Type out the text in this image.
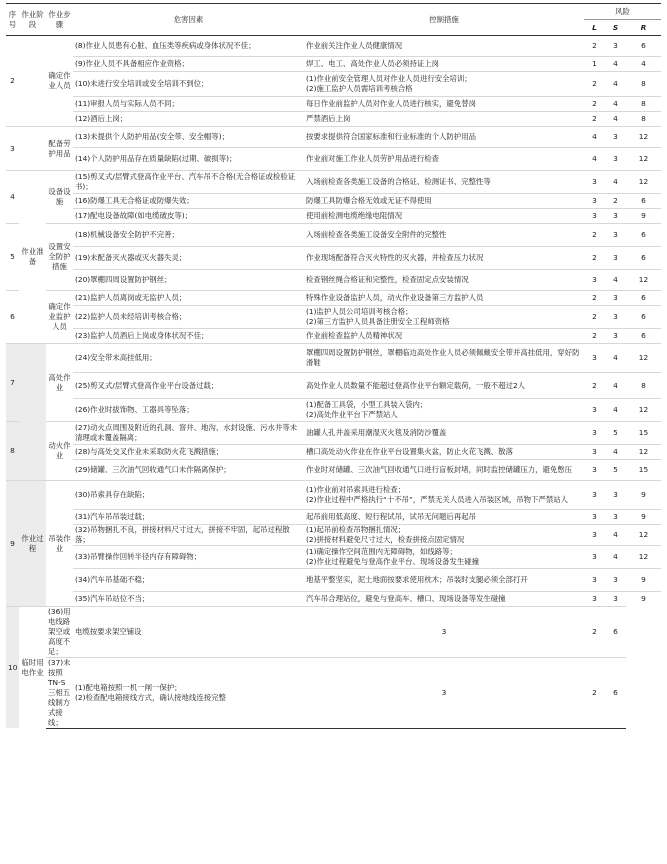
序号	作业阶段	作业步骤	危害因素	控制措施	风险		
					L	S	R
2		确定作业人员	(8)作业人员患有心脏、血压类等疾病或身体状况不佳；	作业前关注作业人员健康情况	2	3	6
			(9)作业人员不具备相应作业资格；	焊工、电工、高处作业人员必须持证上岗	1	4	4
			(10)未进行安全培训或安全培训不到位；	(1)作业前安全管理人员对作业人员进行安全培训；
(2)施工监护人员需培训考核合格	2	4	8
			(11)审报人员与实际人员不同；	每日作业前监护人员对作业人员进行核实，避免替岗	2	4	8
			(12)酒后上岗；	严禁酒后上岗	2	4	8
3		配备劳护用品	(13)未提供个人防护用品(安全带、安全帽等)；	按要求提供符合国家标准和行业标准的个人防护用品	4	3	12
			(14)个人防护用品存在质量缺陷(过期、破损等)；	作业前对施工作业人员劳护用品进行检查	4	3	12
4	作业准备	设备设施	(15)剪叉式/层臂式登高作业平台、汽车吊不合格(无合格证或检验证书)；	入场前检查各类施工设备的合格证、检测证书、完整性等	3	4	12
			(16)防爆工具无合格证或防爆失效；	防爆工具防爆合格无效或无证不得使用	3	2	6
			(17)配电设备故障(如电缆破皮等)；	使用前检测电缆绝缘电阻情况	3	3	9
5		设置安全防护措施	(18)机械设备安全防护不完善；	入场前检查各类施工设备安全附件的完整性	2	3	6
			(19)未配备灭火器或灭火器失灵；	作业现场配备符合灭火特性的灭火器，并检查压力状况	2	3	6
			(20)罩棚四周设置防护钢丝；	检查钢丝绳合格证和完整性，检查固定点安装情况	3	4	12
6		确定作业监护人员	(21)监护人员离岗或无监护人员；	特殊作业设备监护人员，动火作业设备第三方监护人员	2	3	6
			(22)监护人员未经培训考核合格；	(1)监护人员公司培训考核合格；
(2)第三方监护人员具备注册安全工程师资格	2	3	6
			(23)监护人员酒后上岗或身体状况不佳；	作业前检查监护人员精神状况	2	3	6
7		高处作业	(24)安全带未高挂低用；	罩棚四周设置防护钢丝，罩棚临边高处作业人员必须佩戴安全带并高挂低用，穿好防滑鞋	3	4	12
			(25)剪叉式/层臂式登高作业平台设备过载；	高处作业人员数量不能超过登高作业平台额定载荷，一般不超过2人	2	4	8
			(26)作业时拔饰物、工器具等坠落；	(1)配备工具袋，小型工具装入袋内；
(2)高处作业平台下严禁站人	3	4	12
8		动火作业	(27)动火点周围及附近的孔洞、窨井、地沟、水封设施、污水井等未清理或未覆盖隔离；	油罐人孔井盖采用潮湿灭火毯及消防沙覆盖	3	5	15
			(28)与高处交叉作业未采取防火花飞溅措施；	槽口高处动火作业在作业平台设置集火盆，防止火花飞溅、散落	3	4	12
			(29)储罐、三次油气回收通气口未作隔离保护；	作业时对储罐、三次油气回收通气口进行盲板封堵，同时监控储罐压力，避免憋压	3	5	15
9	作业过程	吊装作业	(30)吊索具存在缺陷；	(1)作业前对吊索具进行检查；
(2)作业过程中严格执行“十不吊”，严禁无关人员进入吊装区域，吊物下严禁站人	3	3	9
			(31)汽车吊吊装过载；	起吊前用低高度、短行程试吊，试吊无问题后再起吊	3	3	9
			(32)吊物捆扎不良，拼接材料尺寸过大，拼接不牢固，起吊过程散落；	(1)起吊前检查吊物捆扎情况；
(2)拼接材料避免尺寸过大，检查拼接点固定情况	3	4	12
			(33)吊臂操作回转半径内存有障碍物；	(1)确定操作空间范围内无障碍物，如线路等；
(2)作业过程避免与登高作业平台、现场设备发生碰撞	3	4	12
			(34)汽车吊基础不稳；	地基平整坚实，泥土地面按要求使用枕木；吊装时支腿必须全部打开	3	3	9
			(35)汽车吊站位不当；	汽车吊合理站位，避免与登高车、槽口、现场设备等发生碰撞	3	3	9
10	临时用电作业	(36)用电线路架空或高度不足；	电缆按要求架空铺设	3	2	6	
		(37)未按照TN-S三相五线制方式接线；	(1)配电箱按照一机一闸一保护；
(2)检查配电箱接线方式，确认接地线连接完整	3	2	6	
